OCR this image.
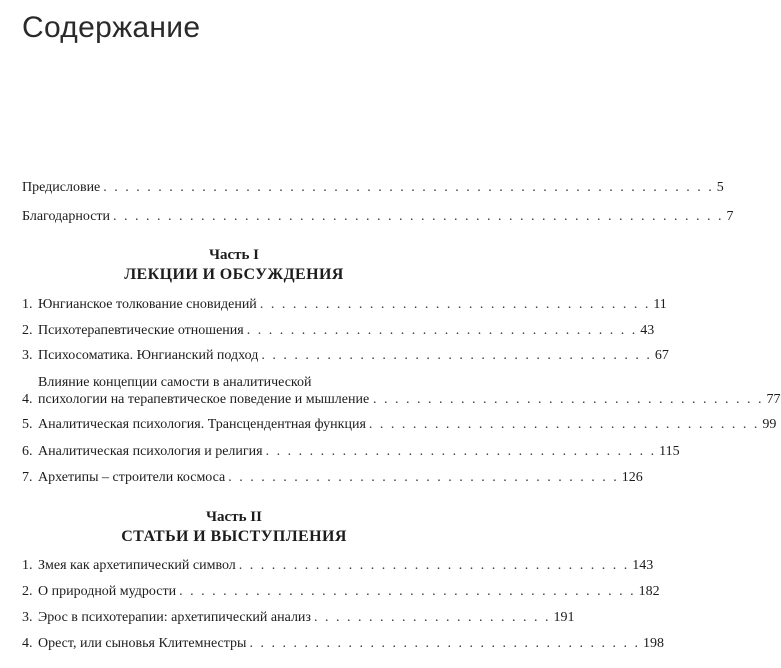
Содержание
Предисловие . . . . . . . . . . . . . . . . . . . . . . . . . . . . . . . . . . . . . . . . . . . . . . . . . . . . . . . . 5
Благодарности . . . . . . . . . . . . . . . . . . . . . . . . . . . . . . . . . . . . . . . . . . . . . . . . . . . . . . . . 7
Часть I
ЛЕКЦИИ И ОБСУЖДЕНИЯ
1. Юнгианское толкование сновидений . . . . . . . . . . . . . . . . . . . . . . . . . . . . . . . . . . . . 11
2. Психотерапевтические отношения . . . . . . . . . . . . . . . . . . . . . . . . . . . . . . . . . . . . 43
3. Психосоматика. Юнгианский подход . . . . . . . . . . . . . . . . . . . . . . . . . . . . . . . . . . . . 67
4.
Влияние концепции самости в аналитической психологии на терапевтическое поведение и мышление . . . . . . . . . . . . . . . . . . . . . . . . . . . . . . . . . . . . 77
5. Аналитическая психология. Трансцендентная функция . . . . . . . . . . . . . . . . . . . . . . . . . . . . . . . . . . . . 99
6. Аналитическая психология и религия . . . . . . . . . . . . . . . . . . . . . . . . . . . . . . . . . . . . 115
7. Архетипы – строители космоса . . . . . . . . . . . . . . . . . . . . . . . . . . . . . . . . . . . . 126
Часть II
СТАТЬИ И ВЫСТУПЛЕНИЯ
1. Змея как архетипический символ . . . . . . . . . . . . . . . . . . . . . . . . . . . . . . . . . . . . 143
2. О природной мудрости . . . . . . . . . . . . . . . . . . . . . . . . . . . . . . . . . . . . . . . . . . 182
3. Эрос в психотерапии: архетипический анализ . . . . . . . . . . . . . . . . . . . . . . 191
4. Орест, или сыновья Клитемнестры . . . . . . . . . . . . . . . . . . . . . . . . . . . . . . . . . . . . 198
